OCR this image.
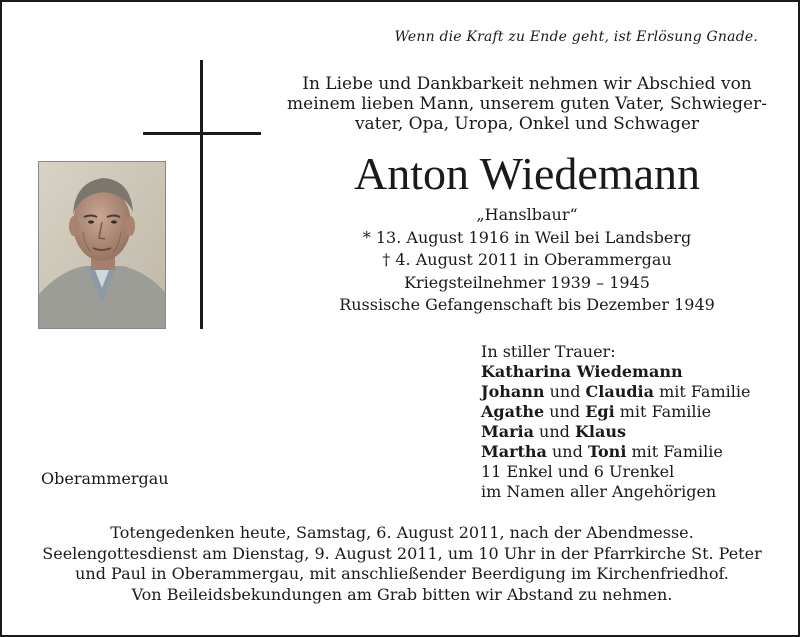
Wenn die Kraft zu Ende geht, ist Erlösung Gnade.
In Liebe und Dankbarkeit nehmen wir Abschied von
meinem lieben Mann, unserem guten Vater, Schwieger-
vater, Opa, Uropa, Onkel und Schwager
Anton Wiedemann
„Hanslbaur“
* 13. August 1916 in Weil bei Landsberg
† 4. August 2011 in Oberammergau
Kriegsteilnehmer 1939 – 1945
Russische Gefangenschaft bis Dezember 1949
Oberammergau
In stiller Trauer:
Katharina Wiedemann
Johann und Claudia mit Familie
Agathe und Egi mit Familie
Maria und Klaus
Martha und Toni mit Familie
11 Enkel und 6 Urenkel
im Namen aller Angehörigen
Totengedenken heute, Samstag, 6. August 2011, nach der Abendmesse.
Seelengottesdienst am Dienstag, 9. August 2011, um 10 Uhr in der Pfarrkirche St. Peter
und Paul in Oberammergau, mit anschließender Beerdigung im Kirchenfriedhof.
Von Beileidsbekundungen am Grab bitten wir Abstand zu nehmen.
